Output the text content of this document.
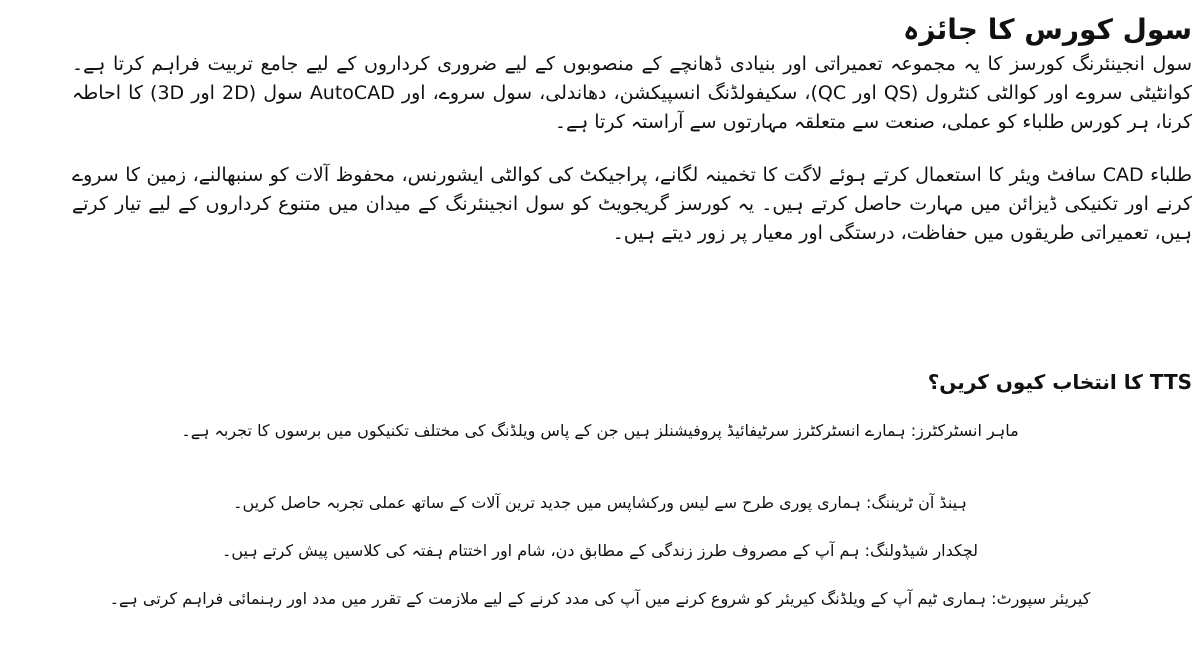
سول کورس کا جائزہ

سول انجینئرنگ کورسز کا یہ مجموعہ تعمیراتی اور بنیادی ڈھانچے کے منصوبوں کے لیے ضروری کرداروں کے لیے جامع تربیت فراہم کرتا ہے۔ کوانٹیٹی سروے اور کوالٹی کنٹرول (QS اور QC)، سکیفولڈنگ انسپیکشن، دھاندلی، سول سروے، اور AutoCAD سول (2D اور 3D) کا احاطہ کرنا، ہر کورس طلباء کو عملی، صنعت سے متعلقہ مہارتوں سے آراستہ کرتا ہے۔

طلباء CAD سافٹ ویئر کا استعمال کرتے ہوئے لاگت کا تخمینہ لگانے، پراجیکٹ کی کوالٹی ایشورنس، محفوظ آلات کو سنبھالنے، زمین کا سروے کرنے اور تکنیکی ڈیزائن میں مہارت حاصل کرتے ہیں۔ یہ کورسز گریجویٹ کو سول انجینئرنگ کے میدان میں متنوع کرداروں کے لیے تیار کرتے ہیں، تعمیراتی طریقوں میں حفاظت، درستگی اور معیار پر زور دیتے ہیں۔

TTS کا انتخاب کیوں کریں؟
ماہر انسٹرکٹرز: ہمارے انسٹرکٹرز سرٹیفائیڈ پروفیشنلز ہیں جن کے پاس ویلڈنگ کی مختلف تکنیکوں میں برسوں کا تجربہ ہے۔
ہینڈ آن ٹریننگ: ہماری پوری طرح سے لیس ورکشاپس میں جدید ترین آلات کے ساتھ عملی تجربہ حاصل کریں۔
لچکدار شیڈولنگ: ہم آپ کے مصروف طرز زندگی کے مطابق دن، شام اور اختتام ہفتہ کی کلاسیں پیش کرتے ہیں۔
کیریئر سپورٹ: ہماری ٹیم آپ کے ویلڈنگ کیریئر کو شروع کرنے میں آپ کی مدد کرنے کے لیے ملازمت کے تقرر میں مدد اور رہنمائی فراہم کرتی ہے۔
